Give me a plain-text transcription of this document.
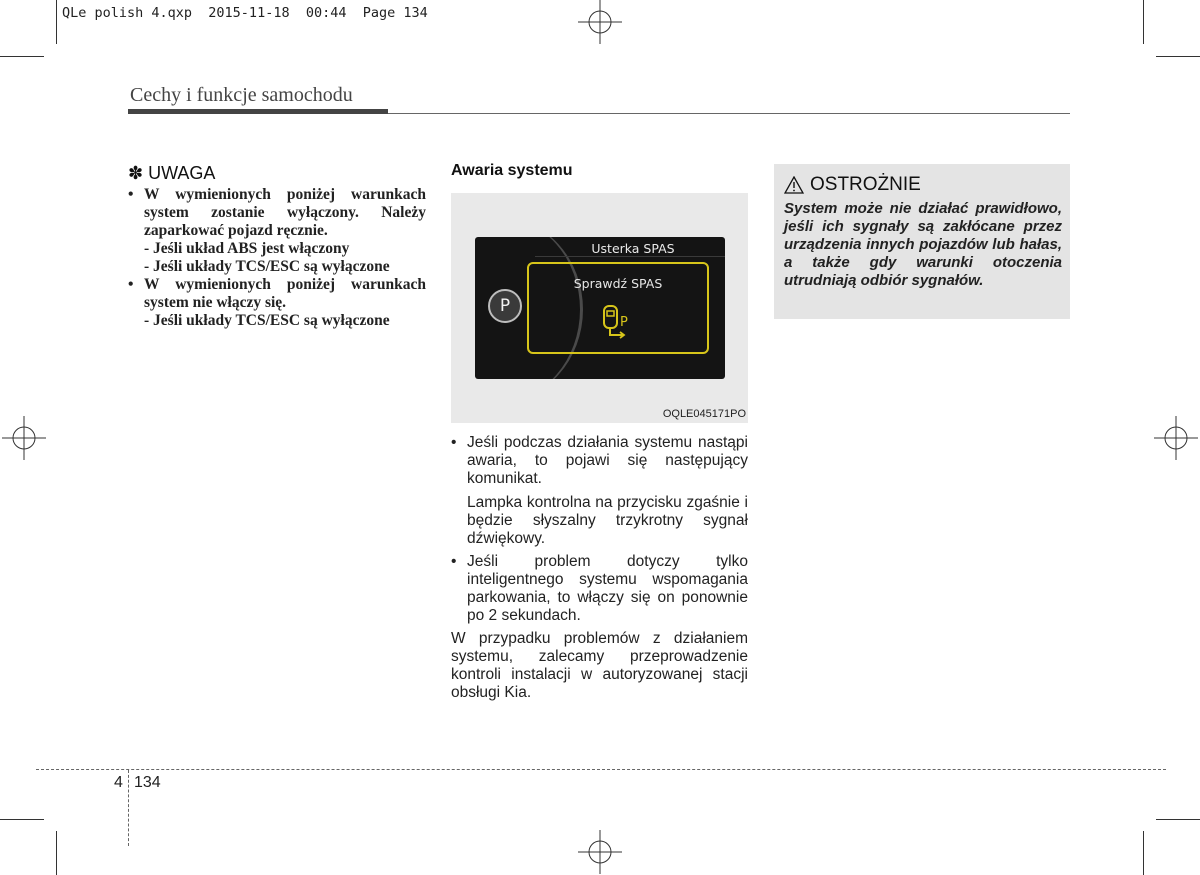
QLe polish 4.qxp  2015-11-18  00:44  Page 134
Cechy i funkcje samochodu
✽ UWAGA
• W wymienionych poniżej warunkach system zostanie wyłączony. Należy zaparkować pojazd ręcznie.
- Jeśli układ ABS jest włączony
- Jeśli układy TCS/ESC są wyłączone
• W wymienionych poniżej warunkach system nie włączy się.
- Jeśli układy TCS/ESC są wyłączone
Awaria systemu
P
Usterka SPAS
Sprawdź SPAS
P
OQLE045171PO
• Jeśli podczas działania systemu nastąpi awaria, to pojawi się następujący komunikat.
Lampka kontrolna na przycisku zgaśnie i będzie słyszalny trzykrotny sygnał dźwiękowy.
• Jeśli problem dotyczy tylko inteligentnego systemu wspomagania parkowania, to włączy się on ponownie po 2 sekundach.
W przypadku problemów z działaniem systemu, zalecamy przeprowadzenie kontroli instalacji w autoryzowanej stacji obsługi Kia.
OSTROŻNIE
System może nie działać prawidłowo, jeśli ich sygnały są zakłócane przez urządzenia innych pojazdów lub hałas, a także gdy warunki otoczenia utrudniają odbiór sygnałów.
4 134
